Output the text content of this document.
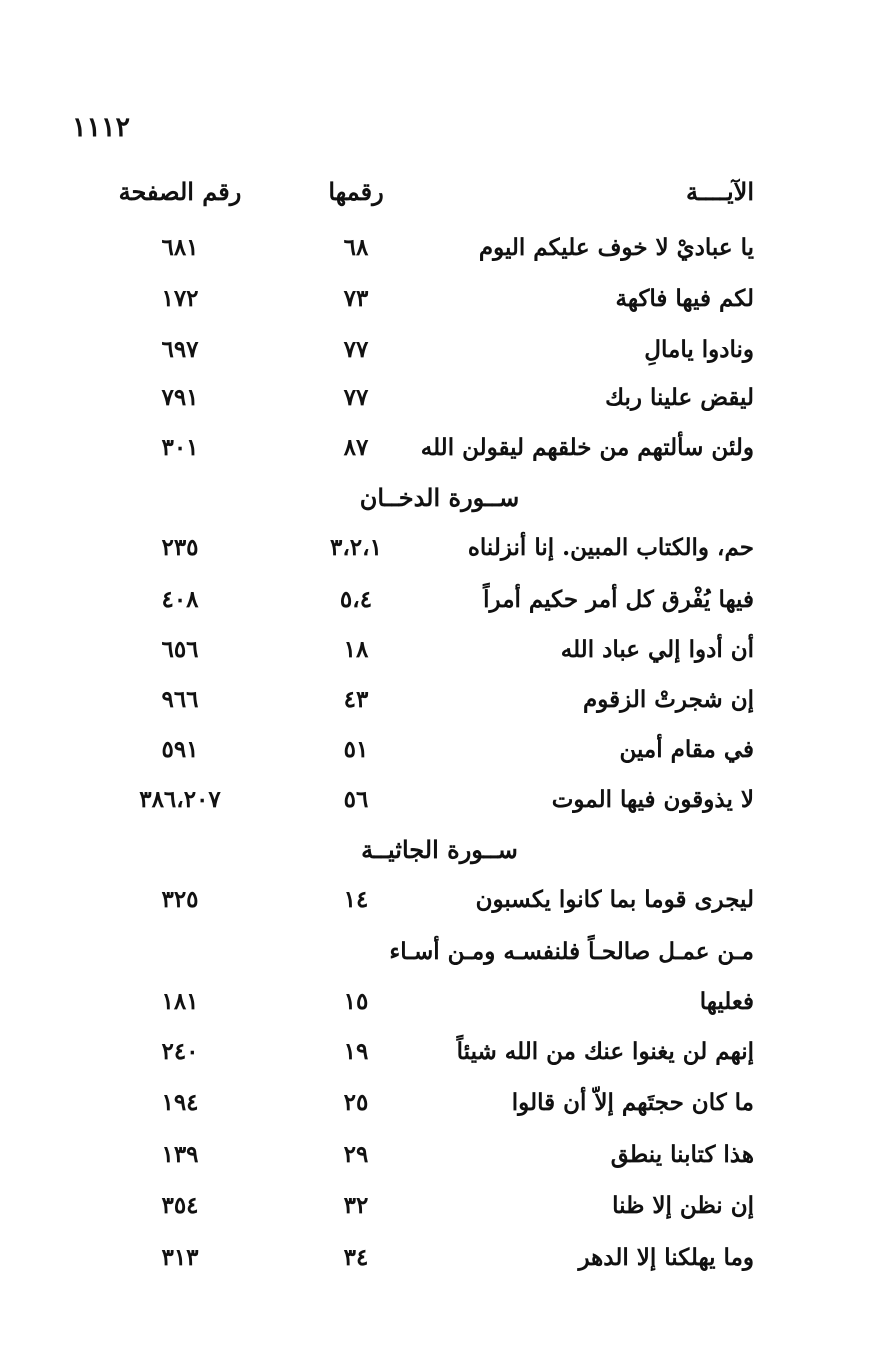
١١١٢
الآيــــة
رقمها
رقم الصفحة
يا عباديْ لا خوف عليكم اليوم
٦٨
٦٨١
لكم فيها فاكهة
٧٣
١٧٢
ونادوا يامالِ
٧٧
٦٩٧
ليقض علينا ربك
٧٧
٧٩١
ولئن سألتهم من خلقهم ليقولن الله
٨٧
٣٠١
ســورة الدخــان
حم، والكتاب المبين. إنا أنزلناه
٣،٢،١
٢٣٥
فيها يُفْرق كل أمر حكيم أمراً
٥،٤
٤٠٨
أن أدوا إلي عباد الله
١٨
٦٥٦
إن شجرتْ الزقوم
٤٣
٩٦٦
في مقام أمين
٥١
٥٩١
لا يذوقون فيها الموت
٥٦
٣٨٦،٢٠٧
ســورة الجاثيــة
ليجرى قوما بما كانوا يكسبون
١٤
٣٢٥
مـن عمـل صالحـاً فلنفسـه ومـن أسـاء
فعليها
١٥
١٨١
إنهم لن يغنوا عنك من الله شيئاً
١٩
٢٤٠
ما كان حجتَهم إلاّ أن قالوا
٢٥
١٩٤
هذا كتابنا ينطق
٢٩
١٣٩
إن نظن إلا ظنا
٣٢
٣٥٤
وما يهلكنا إلا الدهر
٣٤
٣١٣
